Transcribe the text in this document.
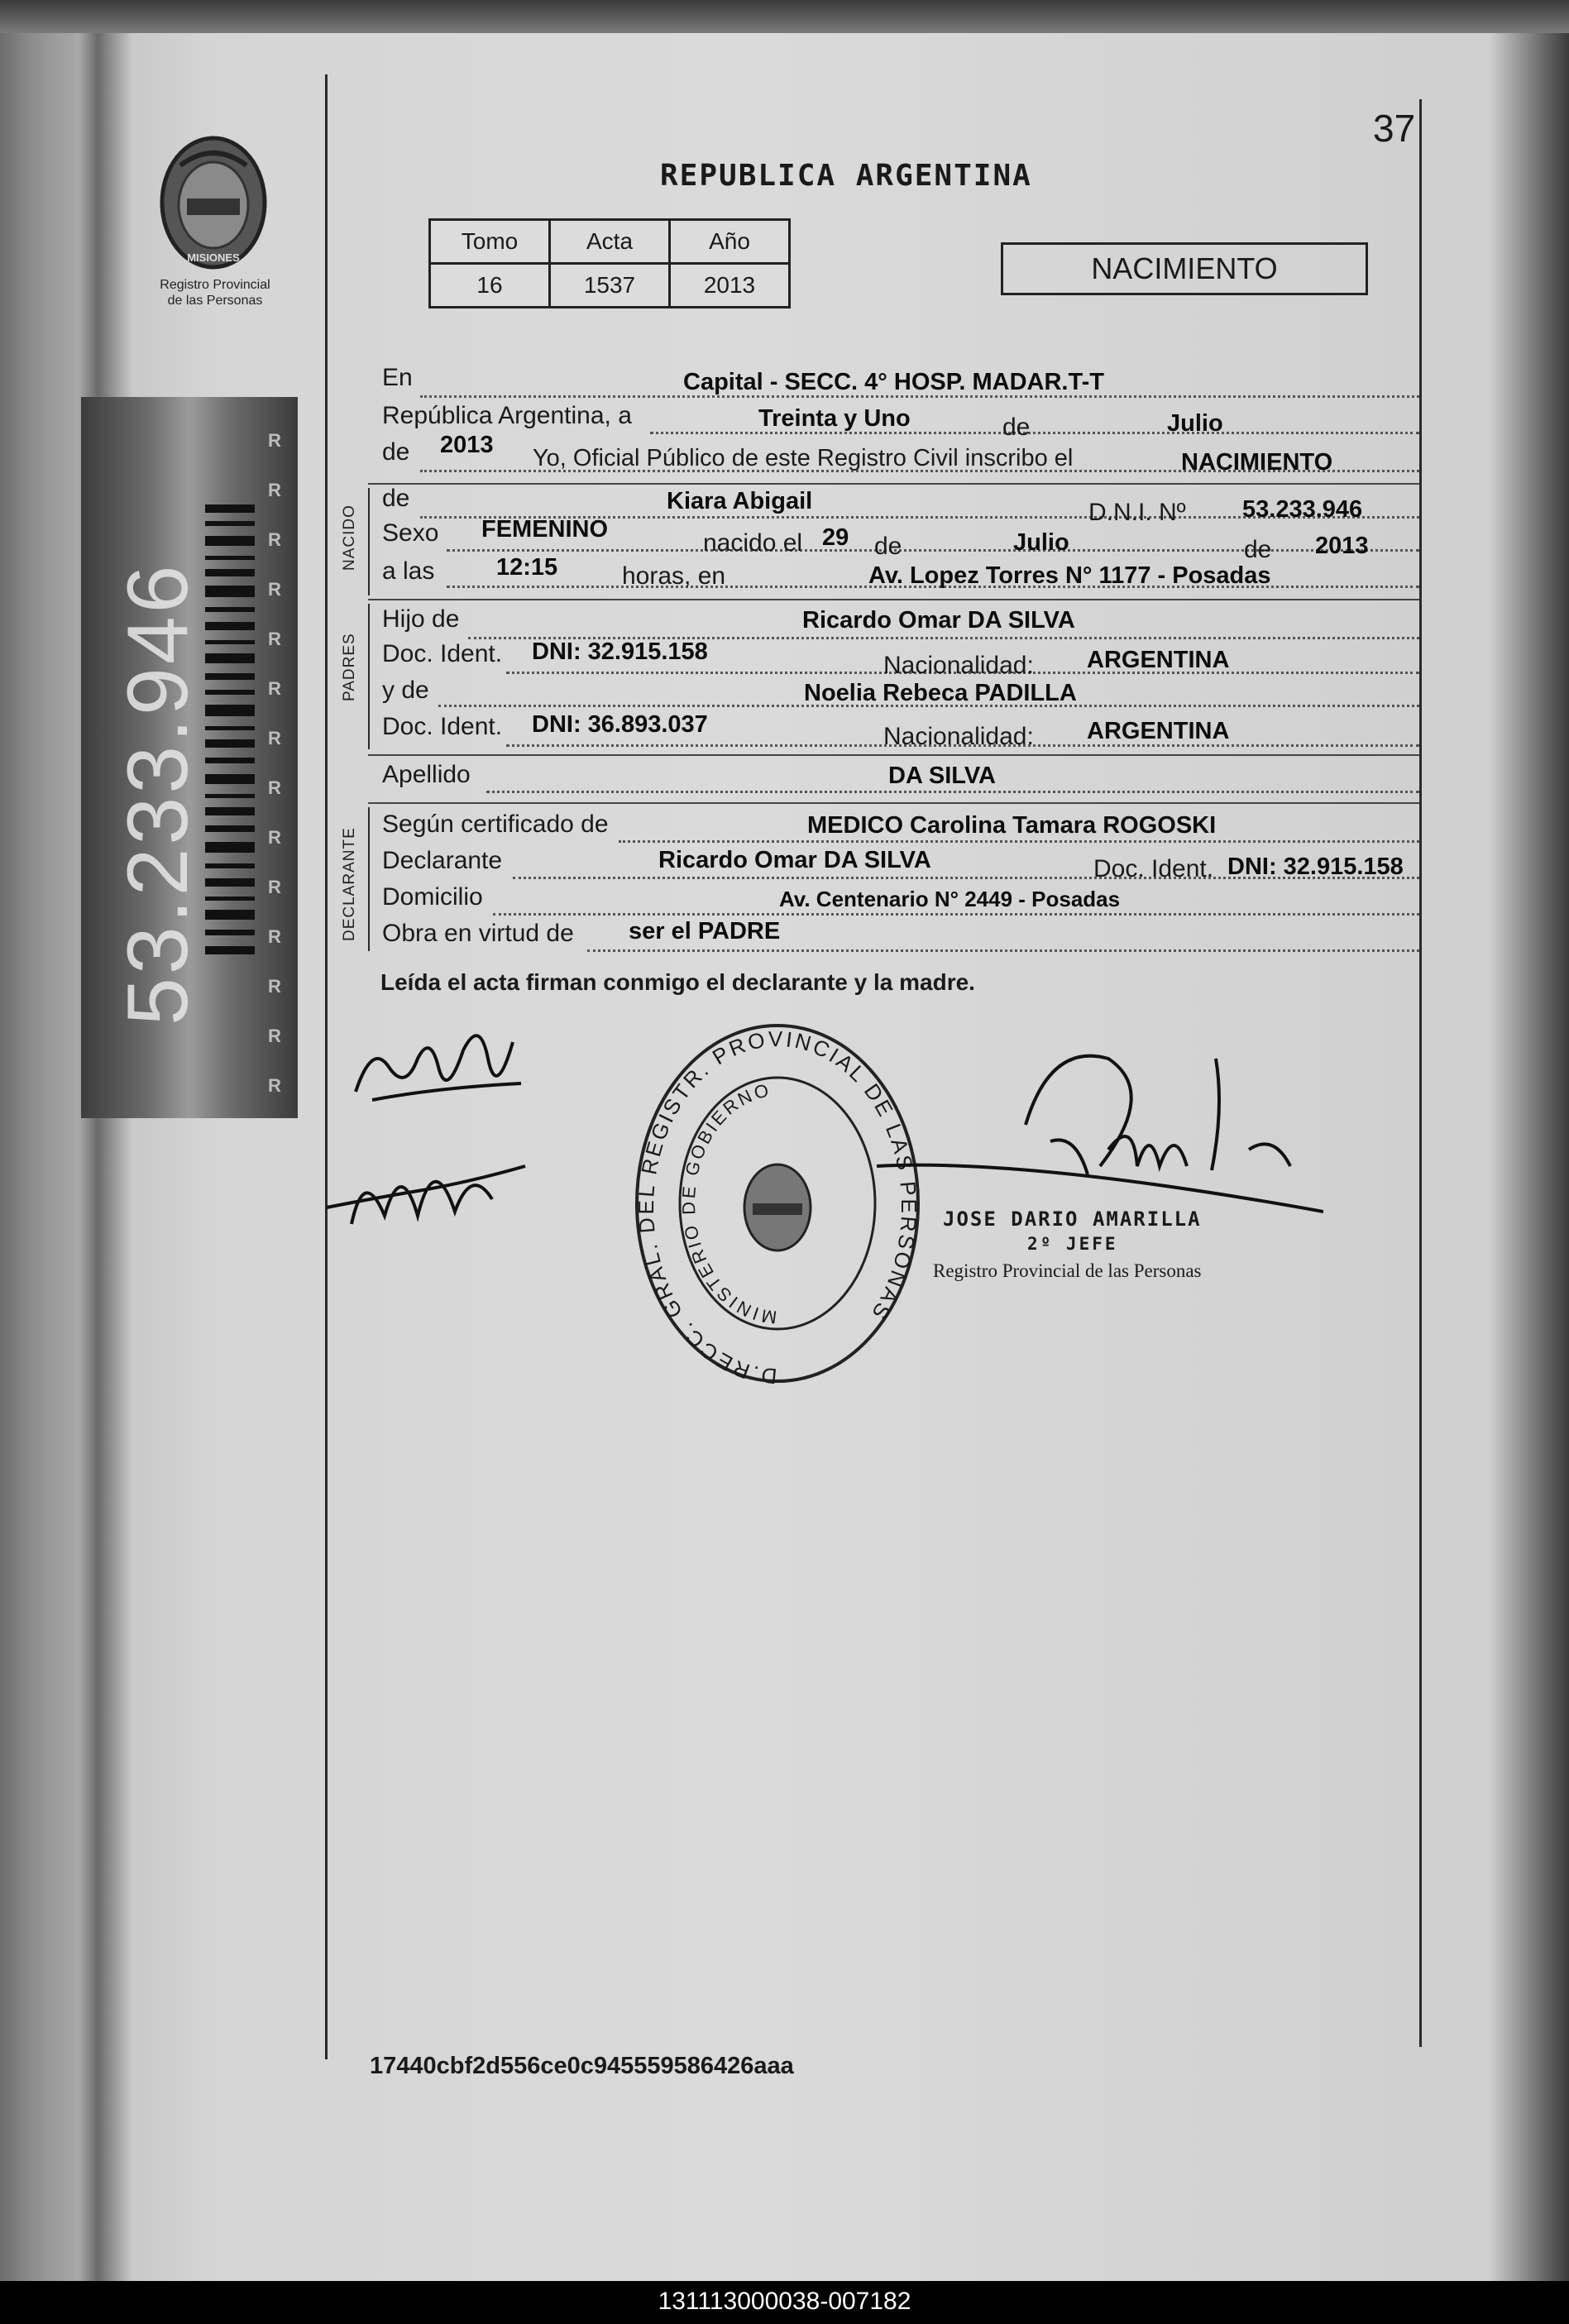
R
R
R
R
R
R
R
R
R
R
R
R
R
R
53.233.946
MISIONES
Registro Provincial
de las Personas
37
REPUBLICA ARGENTINA
Tomo	Acta	Año
16	1537	2013	NACIMIENTO
En	Capital - SECC. 4° HOSP. MADAR.T-T
República Argentina, a	Treinta y Uno	de	Julio
de 2013 Yo, Oficial Público de este Registro Civil inscribo el	NACIMIENTO
NACIDO
de	Kiara Abigail	D.N.I. Nº 53.233.946
Sexo FEMENINO	nacido el 29 de	Julio	de 2013
a las	12:15	horas, en	Av. Lopez Torres N° 1177 - Posadas
PADRES
Hijo de	Ricardo Omar DA SILVA
Doc. Ident. DNI: 32.915.158	Nacionalidad: ARGENTINA
y de	Noelia Rebeca PADILLA
Doc. Ident. DNI: 36.893.037	Nacionalidad: ARGENTINA
Apellido	DA SILVA
DECLARANTE
Según certificado de	MEDICO Carolina Tamara ROGOSKI
Declarante	Ricardo Omar DA SILVA	Doc. Ident. DNI: 32.915.158
Domicilio	Av. Centenario N° 2449 - Posadas
Obra en virtud de ser el PADRE
Leída el acta firman conmigo el declarante y la madre.
D.RECC. GRAL. DEL REGISTR. PROVINCIAL DE LAS PERSONAS
MINISTERIO DE GOBIERNO
JOSE DARIO AMARILLA
2º JEFE
Registro Provincial de las Personas
17440cbf2d556ce0c945559586426aaa
131113000038-007182
